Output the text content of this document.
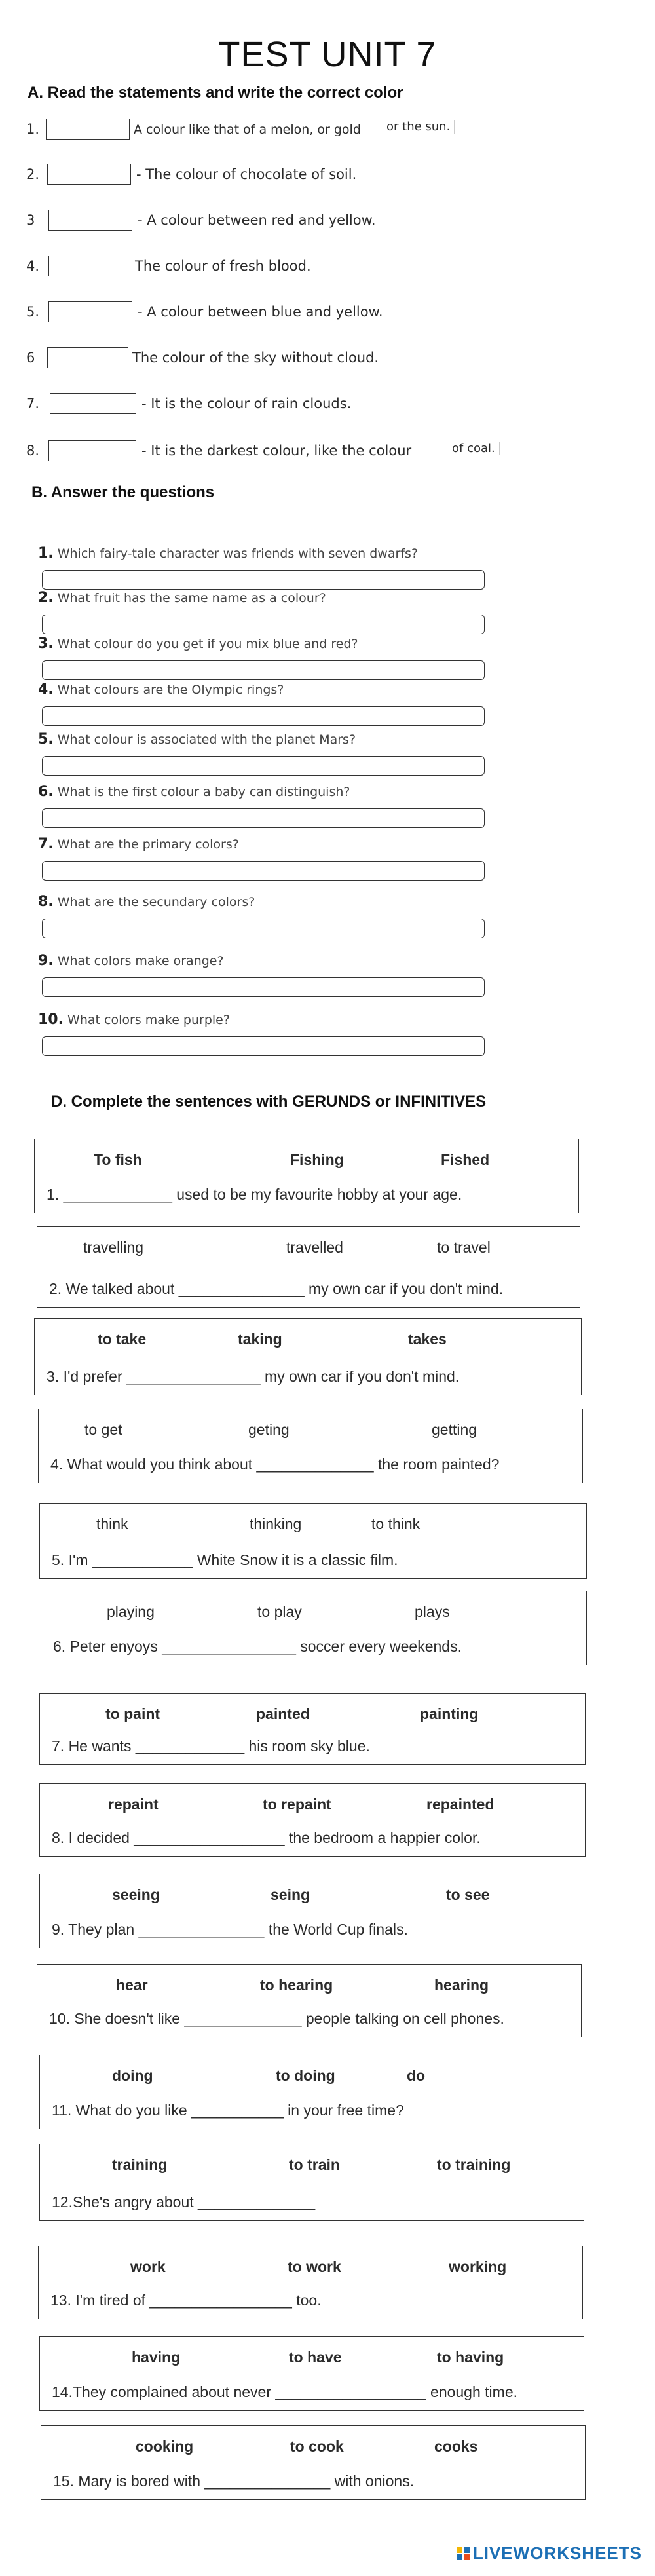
TEST UNIT 7
A. Read the statements and write the correct color
1.	A colour like that of a melon, or gold or the sun.
2.	- The colour of chocolate of soil.
3	- A colour between red and yellow.
4.	The colour of fresh blood.
5.	- A colour between blue and yellow.
6	The colour of the sky without cloud.
7.	- It is the colour of rain clouds.
8.	- It is the darkest colour, like the colour	of coal.
B. Answer the questions
1. Which fairy-tale character was friends with seven dwarfs?
2. What fruit has the same name as a colour?
3. What colour do you get if you mix blue and red?
4. What colours are the Olympic rings?
5. What colour is associated with the planet Mars?
6. What is the first colour a baby can distinguish?
7. What are the primary colors?
8. What are the secundary colors?
9. What colors make orange?
10. What colors make purple?
D. Complete the sentences with GERUNDS or INFINITIVES
To fish	Fishing	Fished
1. _____________ used to be my favourite hobby at your age.
travelling	travelled	to travel
2. We talked about _______________ my own car if you don't mind.
to take	taking	takes
3. I'd prefer ________________ my own car if you don't mind.
to get	geting	getting
4. What would you think about ______________ the room painted?
think	thinking	to think
5. I'm ____________ White Snow it is a classic film.
playing	to play	plays
6. Peter enyoys ________________ soccer every weekends.
to paint	painted	painting
7. He wants _____________ his room sky blue.
repaint	to repaint	repainted
8. I decided __________________ the bedroom a happier color.
seeing	seing	to see
9. They plan _______________ the World Cup finals.
hear	to hearing	hearing
10. She doesn't like ______________ people talking on cell phones.
doing	to doing	do
11. What do you like ___________ in your free time?
training	to train	to training
12.She's angry about ______________
work	to work	working
13. I'm tired of _________________ too.
having	to have	to having
14.They complained about never __________________ enough time.
cooking	to cook	cooks
15. Mary is bored with _______________ with onions.
LIVEWORKSHEETS
